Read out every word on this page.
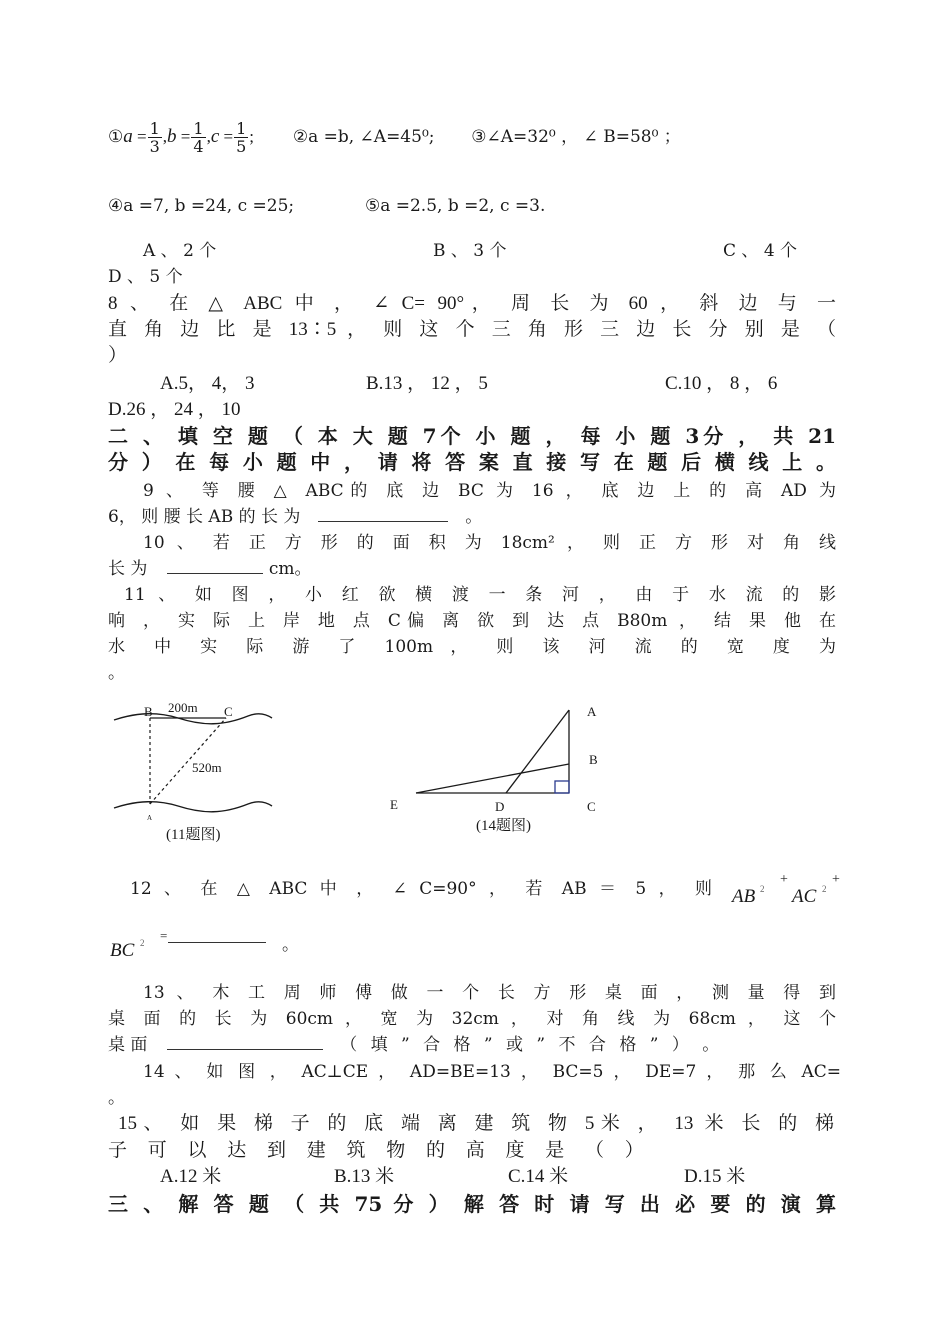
①a = $\frac{1}{3} ,b = \frac{1}{4} ,c = \frac{1}{5}$ ; ②a =b, ∠A=45⁰; ③∠A=32⁰ ， ∠ B=58⁰ ；
④a =7, b =24, c =25;	⑤a =2.5, b =2, c =3.
A 、 2 个	B 、 3 个	C 、 4 个
D 、 5 个
8 、 在 △ ABC 中 ， ∠ C= 90°， 周 长 为 60 ， 斜 边 与 一
直 角 边 比 是 13∶5 ， 则 这 个 三 角 形 三 边 长 分 别 是 （
）
A.5， 4， 3	B.13 ， 12 ， 5	C.10 ， 8 ， 6
D.26 ， 24 ， 10
二 、 填 空 题 （ 本 大 题 7个 小 题 ， 每 小 题 3分 ， 共 21
分 ） 在 每 小 题 中 ， 请 将 答 案 直 接 写 在 题 后 横 线 上 。
9 、 等 腰 △ ABC的 底 边 BC 为 16 ， 底 边 上 的 高 AD 为
6， 则 腰 长 AB 的 长 为	。
10 、 若 正 方 形 的 面 积 为 18cm² ， 则 正 方 形 对 角 线
长 为	cm。
11 、 如 图 ， 小 红 欲 横 渡 一 条 河 ， 由 于 水 流 的 影
响 ， 实 际 上 岸 地 点 C偏 离 欲 到 达 点 B80m ， 结 果 他 在
水 中 实 际 游 了 100m ， 则 该 河 流 的 宽 度 为
。
B	C
A
200m
520m
(11题图)
A
B
C
D
E
(14题图)
12 、 在 △ ABC 中 ， ∠ C=90° ， 若 AB ＝ 5 ， 则 AB 2
+
AC 2
+
BC 2 =	。
13 、 木 工 周 师 傅 做 一 个 长 方 形 桌 面 ， 测 量 得 到
桌 面 的 长 为 60cm ， 宽 为 32cm ， 对 角 线 为 68cm ， 这 个
桌 面	（ 填 ” 合 格 ” 或 ” 不 合 格 ” ） 。
14 、 如 图 ， AC⊥CE ， AD=BE=13 ， BC=5 ， DE=7 ， 那 么 AC=
。
15、 如 果 梯 子 的 底 端 离 建 筑 物 5米 ， 13 米 长 的 梯
子 可 以 达 到 建 筑 物 的 高 度 是 （ ）
A.12 米	B.13 米	C.14 米	D.15 米
三 、 解 答 题 （ 共 75 分 ） 解 答 时 请 写 出 必 要 的 演 算
